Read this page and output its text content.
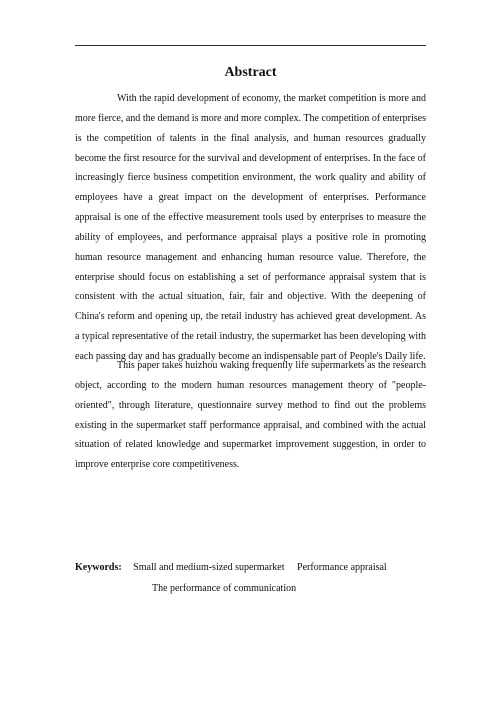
Abstract

With the rapid development of economy, the market competition is more and more fierce, and the demand is more and more complex. The competition of enterprises is the competition of talents in the final analysis, and human resources gradually become the first resource for the survival and development of enterprises. In the face of increasingly fierce business competition environment, the work quality and ability of employees have a great impact on the development of enterprises. Performance appraisal is one of the effective measurement tools used by enterprises to measure the ability of employees, and performance appraisal plays a positive role in promoting human resource management and enhancing human resource value. Therefore, the enterprise should focus on establishing a set of performance appraisal system that is consistent with the actual situation, fair, fair and objective. With the deepening of China's reform and opening up, the retail industry has achieved great development. As a typical representative of the retail industry, the supermarket has been developing with each passing day and has gradually become an indispensable part of People's Daily life.

This paper takes huizhou waking frequently life supermarkets as the research object, according to the modern human resources management theory of "people-oriented", through literature, questionnaire survey method to find out the problems existing in the supermarket staff performance appraisal, and combined with the actual situation of related knowledge and supermarket improvement suggestion, in order to improve enterprise core competitiveness.

Keywords: Small and medium-sized supermarket Performance appraisal
The performance of communication
